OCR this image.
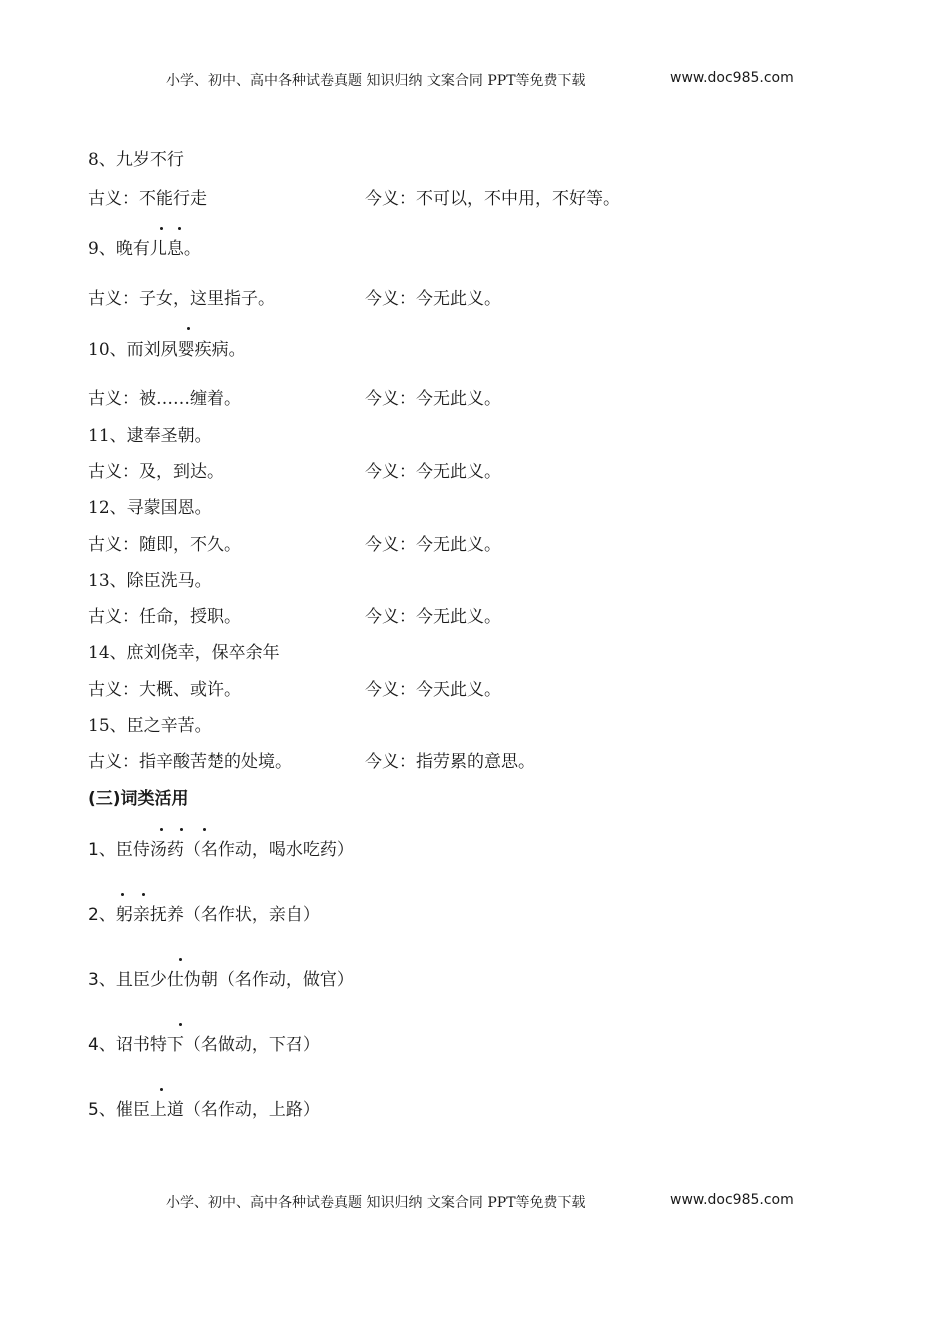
小学、初中、高中各种试卷真题 知识归纳 文案合同 PPT等免费下载	www.doc985.com
8、九岁不行
古义：不能行走	今义：不可以，不中用，不好等。
9、晚有儿息。
古义：子女，这里指子。	今义：今无此义。
10、而刘夙婴疾病。
古义：被……缠着。	今义：今无此义。
11、逮奉圣朝。
古义：及，到达。	今义：今无此义。
12、寻蒙国恩。
古义：随即，不久。	今义：今无此义。
13、除臣洗马。
古义：任命，授职。	今义：今无此义。
14、庶刘侥幸，保卒余年
古义：大概、或许。	今义：今天此义。
15、臣之辛苦。
古义：指辛酸苦楚的处境。	今义：指劳累的意思。
(三)词类活用
1、臣侍汤药（名作动，喝水吃药）
2、躬亲抚养（名作状，亲自）
3、且臣少仕伪朝（名作动，做官）
4、诏书特下（名做动，下召）
5、催臣上道（名作动，上路）
小学、初中、高中各种试卷真题 知识归纳 文案合同 PPT等免费下载	www.doc985.com
